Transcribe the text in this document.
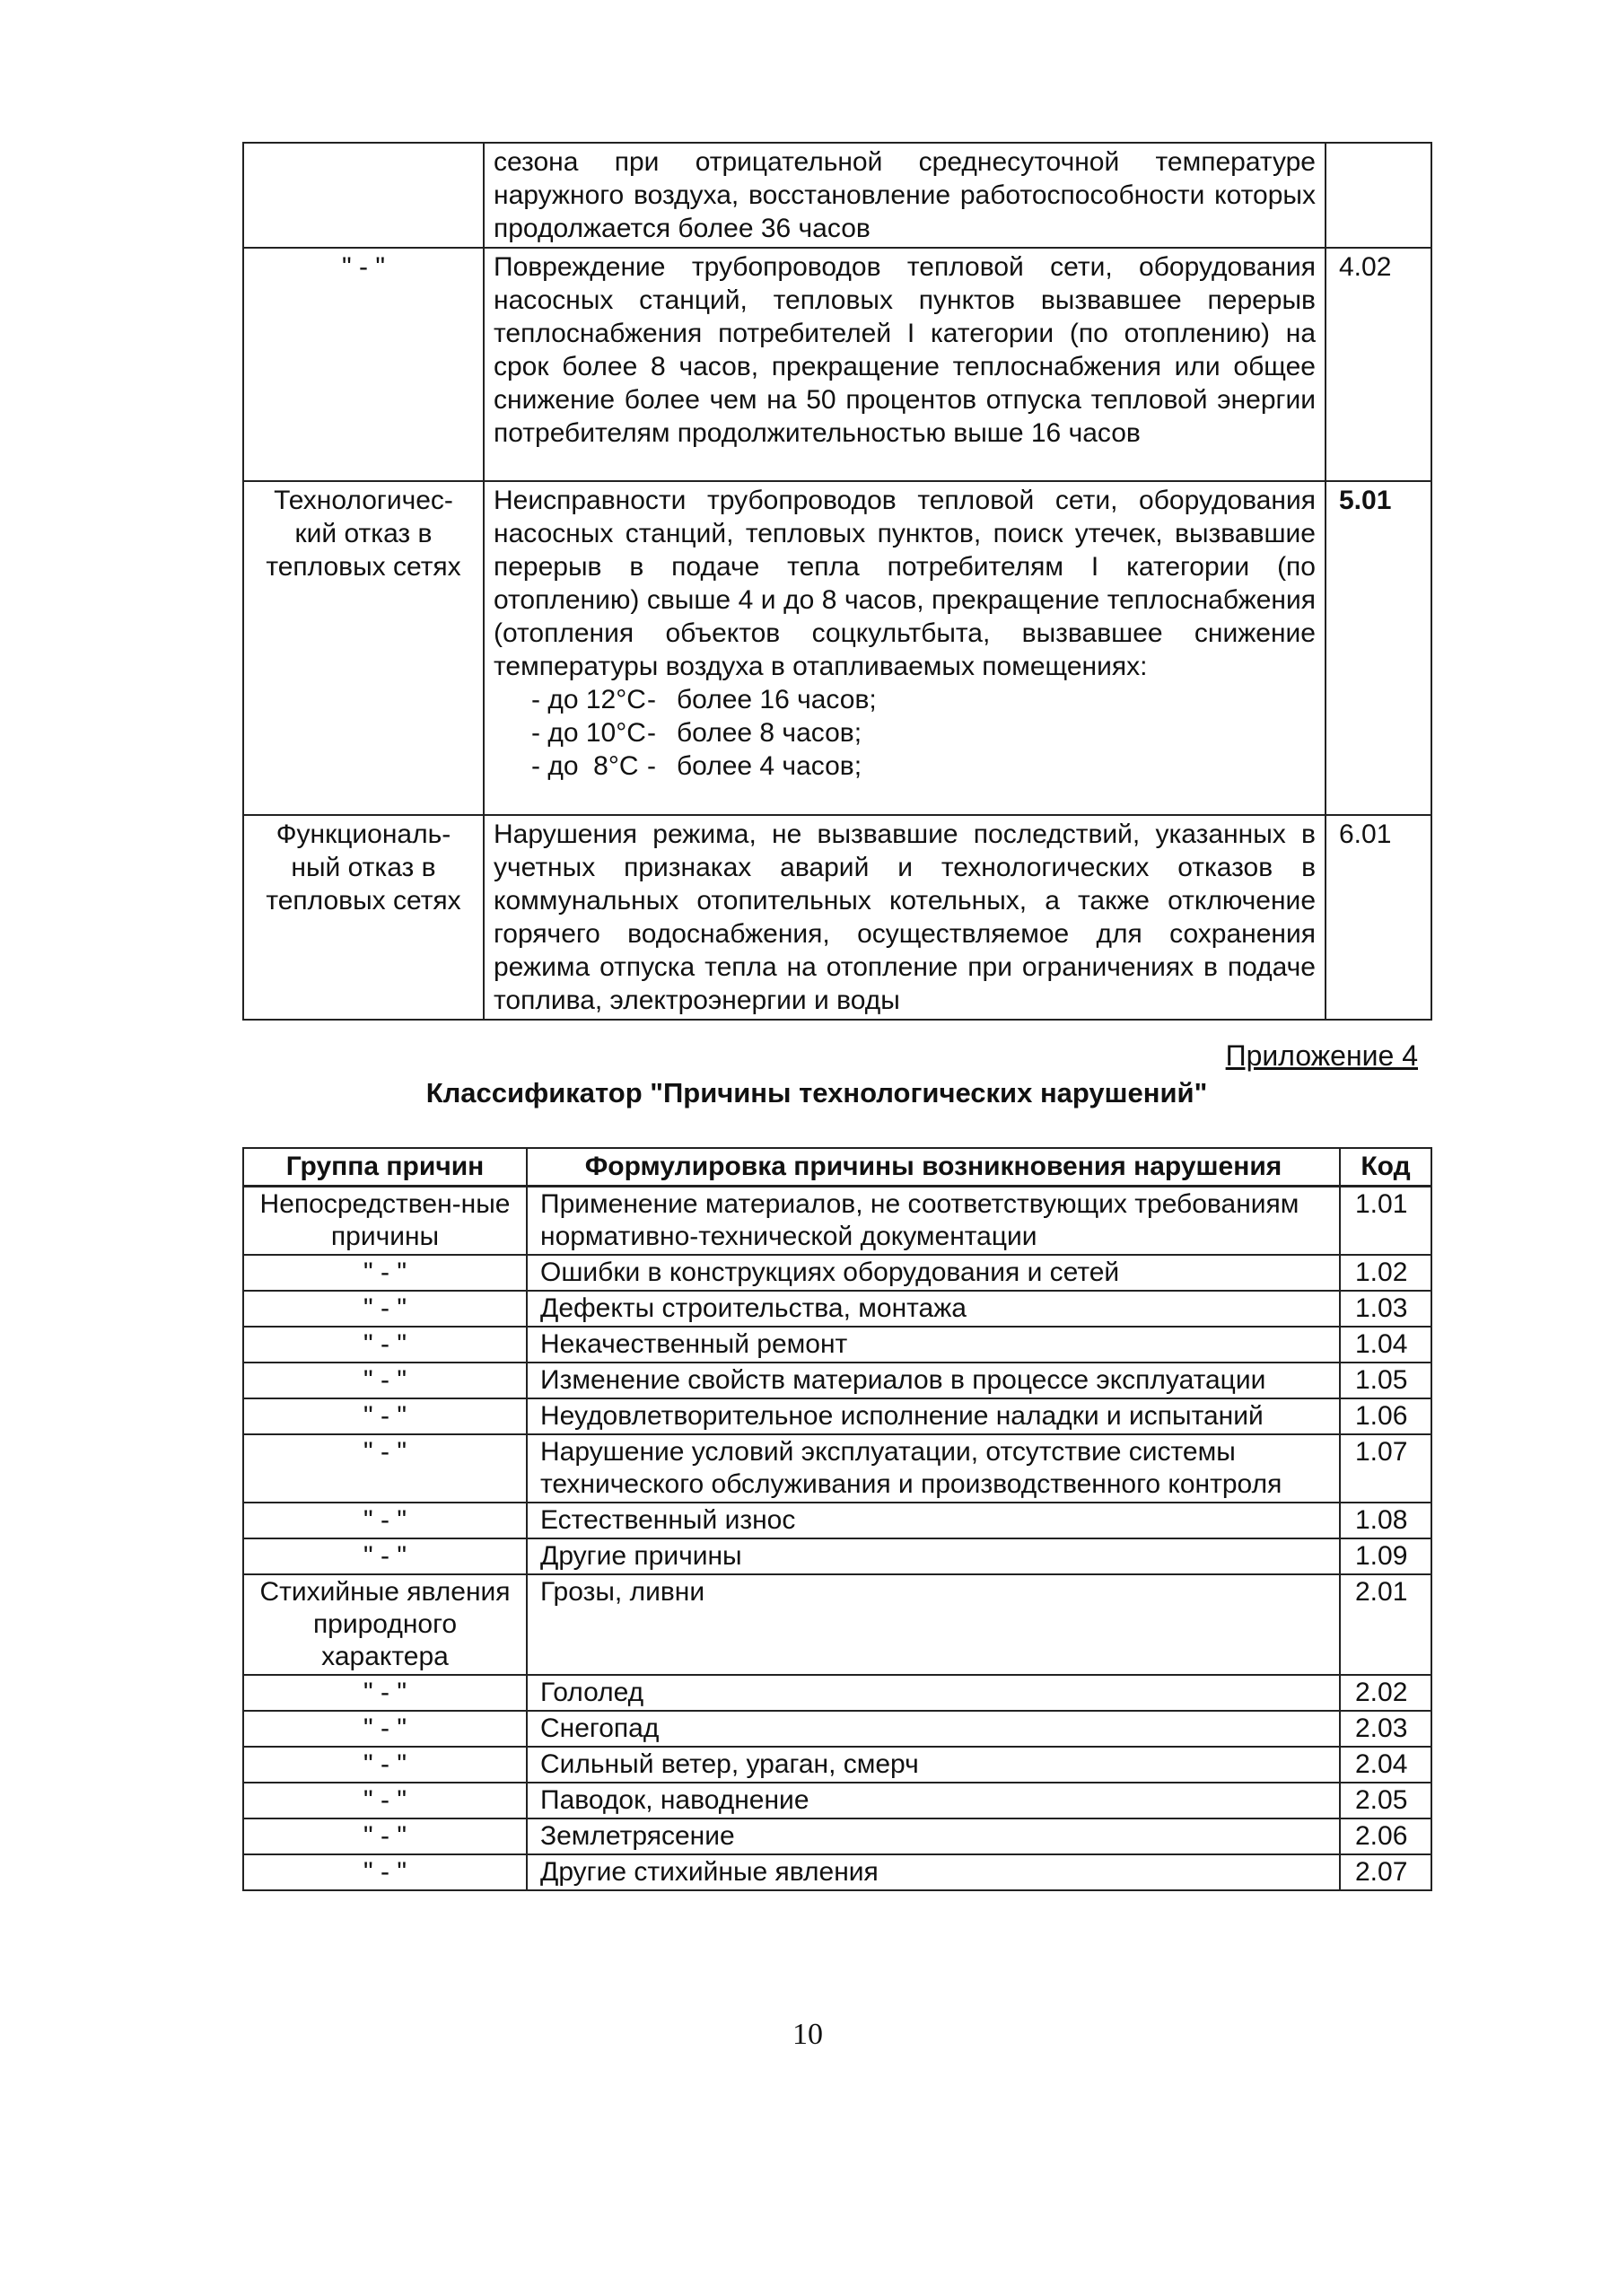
	сезона при отрицательной среднесуточной температуре наружного воздуха, восстановление работоспособности которых продолжается более 36 часов	
" - "	Повреждение трубопроводов тепловой сети, оборудования насосных станций, тепловых пунктов вызвавшее перерыв теплоснабжения потребителей I категории (по отоплению) на срок более 8 часов, прекращение теплоснабжения или общее снижение более чем на 50 процентов отпуска тепловой энергии потребителям продолжительностью выше 16 часов	4.02
Технологичес-кий отказ в тепловых сетях	Неисправности трубопроводов тепловой сети, оборудования насосных станций, тепловых пунктов, поиск утечек, вызвавшие перерыв в подаче тепла потребителям I категории (по отоплению) свыше 4 и до 8 часов, прекращение теплоснабжения (отопления объектов соцкультбыта, вызвавшее снижение температуры воздуха в отапливаемых помещениях:
- до 12°С- более 16 часов;
- до 10°С- более 8 часов;
- до  8°С - более 4 часов;	5.01
Функциональ-ный отказ в тепловых сетях	Нарушения режима, не вызвавшие последствий, указанных в учетных признаках аварий и технологических отказов в коммунальных отопительных котельных, а также отключение горячего водоснабжения, осуществляемое для сохранения режима отпуска тепла на отопление при ограничениях в подаче топлива, электроэнергии и воды	6.01
Приложение 4
Классификатор "Причины технологических нарушений"
Группа причин	Формулировка причины возникновения нарушения	Код
Непосредствен-ные причины	Применение материалов, не соответствующих требованиям нормативно-технической документации	1.01
" - "	Ошибки в конструкциях оборудования и сетей	1.02
" - "	Дефекты строительства, монтажа	1.03
" - "	Некачественный ремонт	1.04
" - "	Изменение свойств материалов в процессе эксплуатации	1.05
" - "	Неудовлетворительное исполнение наладки и испытаний	1.06
" - "	Нарушение условий эксплуатации, отсутствие системы технического обслуживания и производственного контроля	1.07
" - "	Естественный износ	1.08
" - "	Другие причины	1.09
Стихийные явления природного характера	Грозы, ливни	2.01
" - "	Гололед	2.02
" - "	Снегопад	2.03
" - "	Сильный ветер, ураган, смерч	2.04
" - "	Паводок, наводнение	2.05
" - "	Землетрясение	2.06
" - "	Другие стихийные явления	2.07
10
